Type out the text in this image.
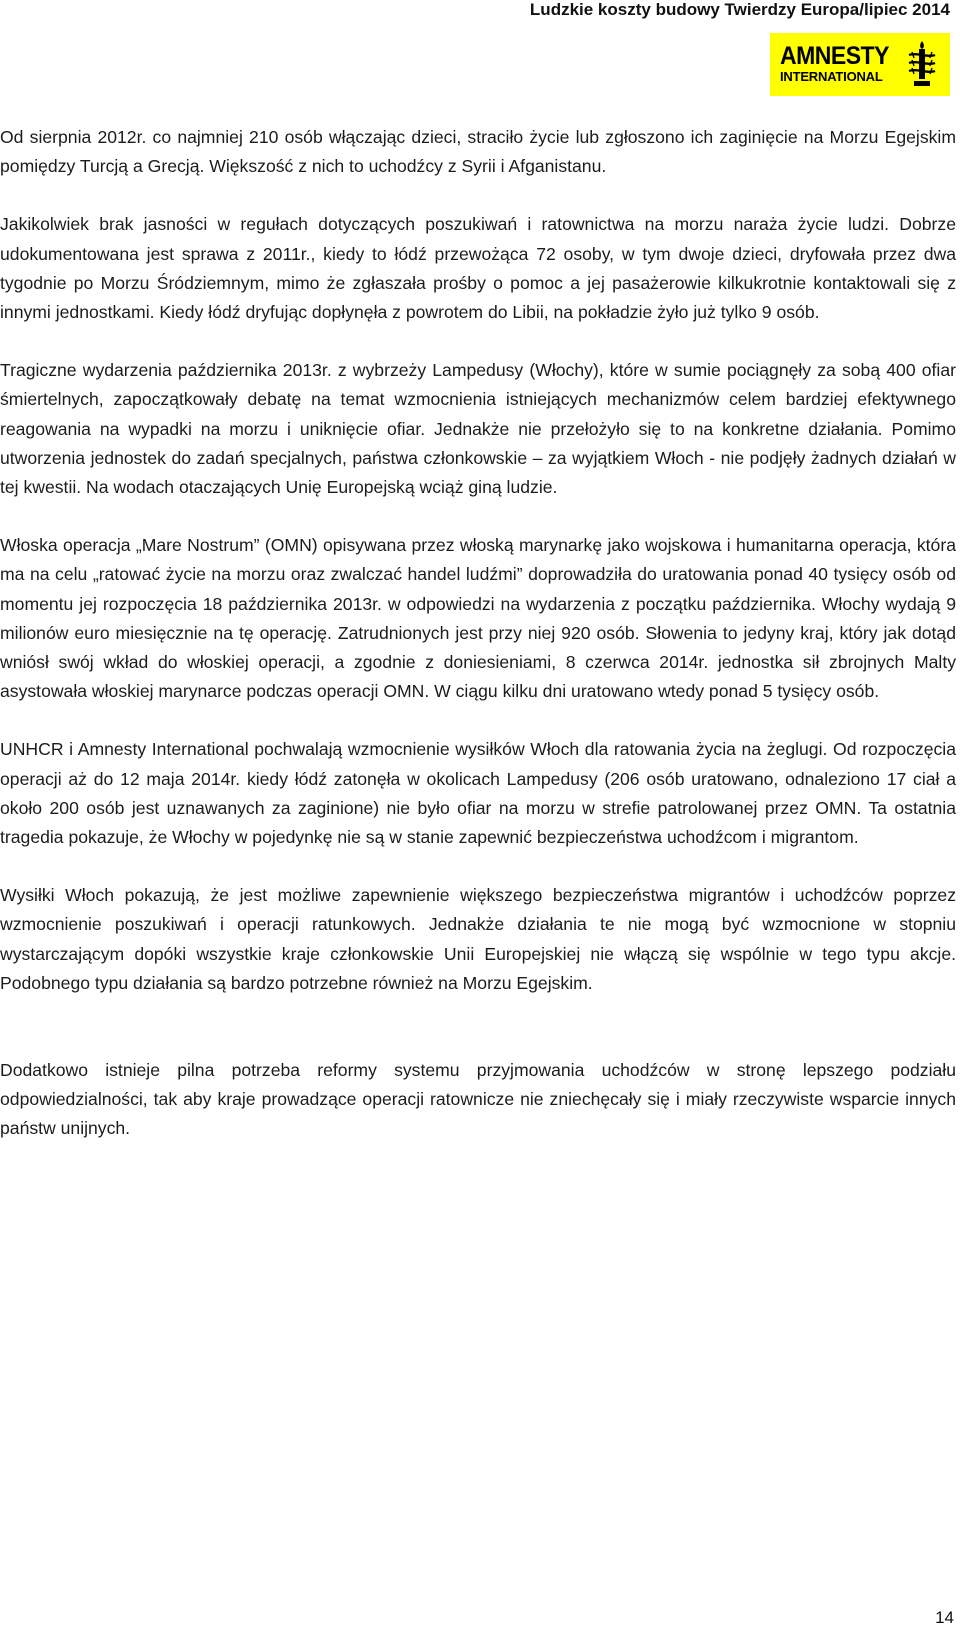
Ludzkie koszty budowy Twierdzy Europa/lipiec 2014
AMNESTY
INTERNATIONAL

Od sierpnia 2012r. co najmniej 210 osób włączając dzieci, straciło życie lub zgłoszono ich zaginięcie na Morzu Egejskim pomiędzy Turcją a Grecją. Większość z nich to uchodźcy z Syrii i Afganistanu.

Jakikolwiek brak jasności w regułach dotyczących poszukiwań i ratownictwa na morzu naraża życie ludzi. Dobrze udokumentowana jest sprawa z 2011r., kiedy to łódź przewożąca 72 osoby, w tym dwoje dzieci, dryfowała przez dwa tygodnie po Morzu Śródziemnym, mimo że zgłaszała prośby o pomoc a jej pasażerowie kilkukrotnie kontaktowali się z innymi jednostkami. Kiedy łódź dryfując dopłynęła z powrotem do Libii, na pokładzie żyło już tylko 9 osób.

Tragiczne wydarzenia października 2013r. z wybrzeży Lampedusy (Włochy), które w sumie pociągnęły za sobą 400 ofiar śmiertelnych, zapoczątkowały debatę na temat wzmocnienia istniejących mechanizmów celem bardziej efektywnego reagowania na wypadki na morzu i uniknięcie ofiar. Jednakże nie przełożyło się to na konkretne działania. Pomimo utworzenia jednostek do zadań specjalnych, państwa członkowskie – za wyjątkiem Włoch - nie podjęły żadnych działań w tej kwestii. Na wodach otaczających Unię Europejską wciąż giną ludzie.

Włoska operacja „Mare Nostrum” (OMN) opisywana przez włoską marynarkę jako wojskowa i humanitarna operacja, która ma na celu „ratować życie na morzu oraz zwalczać handel ludźmi” doprowadziła do uratowania ponad 40 tysięcy osób od momentu jej rozpoczęcia 18 października 2013r. w odpowiedzi na wydarzenia z początku października. Włochy wydają 9 milionów euro miesięcznie na tę operację. Zatrudnionych jest przy niej 920 osób. Słowenia to jedyny kraj, który jak dotąd wniósł swój wkład do włoskiej operacji, a zgodnie z doniesieniami, 8 czerwca 2014r. jednostka sił zbrojnych Malty asystowała włoskiej marynarce podczas operacji OMN. W ciągu kilku dni uratowano wtedy ponad 5 tysięcy osób.

UNHCR i Amnesty International pochwalają wzmocnienie wysiłków Włoch dla ratowania życia na żeglugi. Od rozpoczęcia operacji aż do 12 maja 2014r. kiedy łódź zatonęła w okolicach Lampedusy (206 osób uratowano, odnaleziono 17 ciał a około 200 osób jest uznawanych za zaginione) nie było ofiar na morzu w strefie patrolowanej przez OMN. Ta ostatnia tragedia pokazuje, że Włochy w pojedynkę nie są w stanie zapewnić bezpieczeństwa uchodźcom i migrantom.

Wysiłki Włoch pokazują, że jest możliwe zapewnienie większego bezpieczeństwa migrantów i uchodźców poprzez wzmocnienie poszukiwań i operacji ratunkowych. Jednakże działania te nie mogą być wzmocnione w stopniu wystarczającym dopóki wszystkie kraje członkowskie Unii Europejskiej nie włączą się wspólnie w tego typu akcje. Podobnego typu działania są bardzo potrzebne również na Morzu Egejskim.

Dodatkowo istnieje pilna potrzeba reformy systemu przyjmowania uchodźców w stronę lepszego podziału odpowiedzialności, tak aby kraje prowadzące operacji ratownicze nie zniechęcały się i miały rzeczywiste wsparcie innych państw unijnych.

14
